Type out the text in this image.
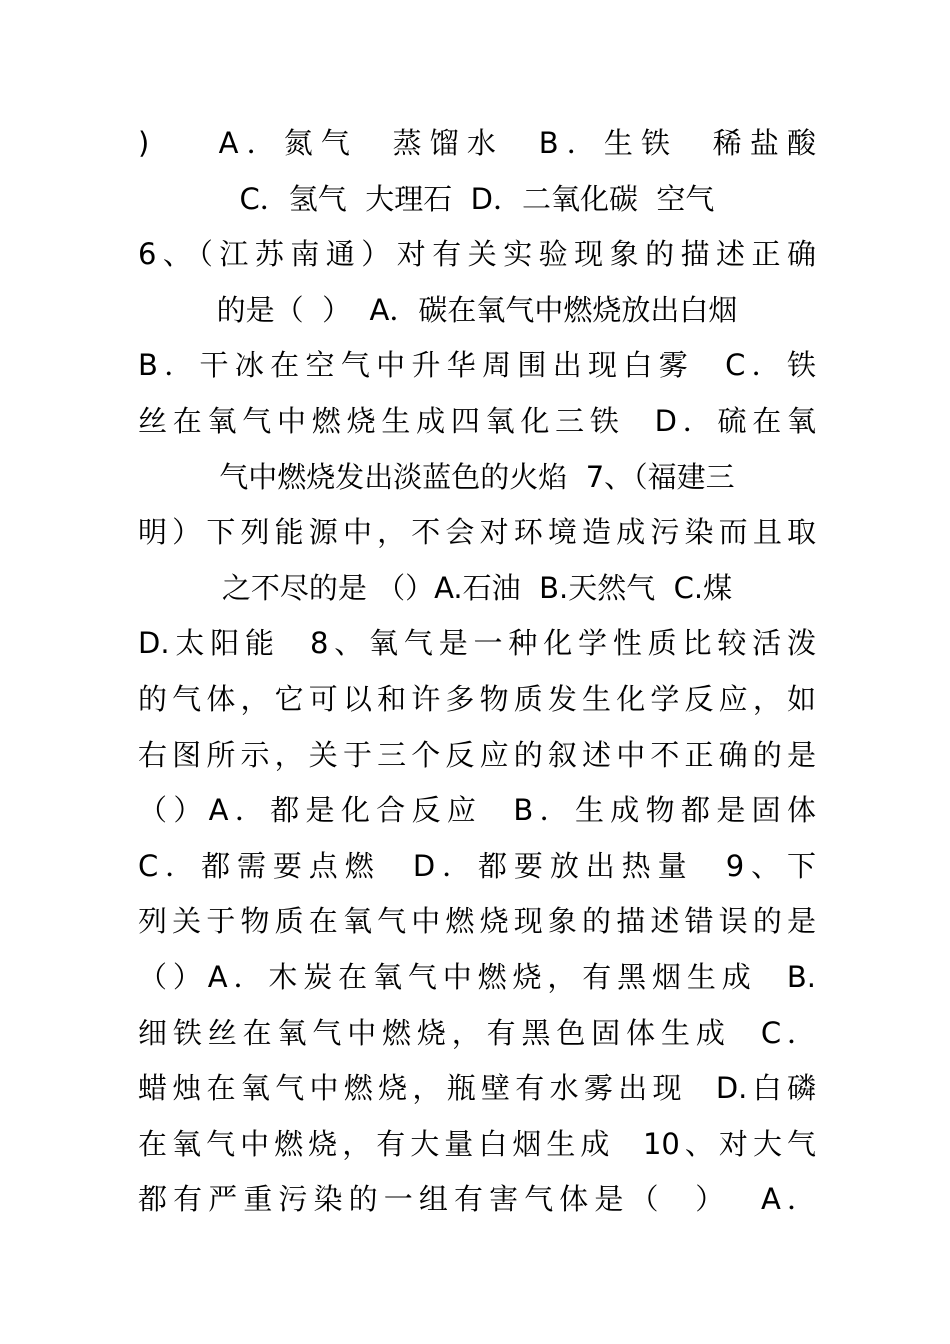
)    A．氮气  蒸馏水  B．生铁  稀盐酸
C．氢气  大理石  D．二氧化碳  空气
6、（江苏南通）对有关实验现象的描述正确
的是（  ）  A．碳在氧气中燃烧放出白烟
B．干冰在空气中升华周围出现白雾  C．铁
丝在氧气中燃烧生成四氧化三铁  D．硫在氧
气中燃烧发出淡蓝色的火焰  7、（福建三
明）下列能源中，不会对环境造成污染而且取
之不尽的是 （）A.石油  B.天然气  C.煤
D.太阳能  8、氧气是一种化学性质比较活泼
的气体，它可以和许多物质发生化学反应，如
右图所示，关于三个反应的叙述中不正确的是
（）A．都是化合反应  B．生成物都是固体
C．都需要点燃  D．都要放出热量  9、下
列关于物质在氧气中燃烧现象的描述错误的是
（）A．木炭在氧气中燃烧，有黑烟生成  B.
细铁丝在氧气中燃烧，有黑色固体生成  C．
蜡烛在氧气中燃烧，瓶壁有水雾出现  D.白磷
在氧气中燃烧，有大量白烟生成  10、对大气
都有严重污染的一组有害气体是（  ）  A．
